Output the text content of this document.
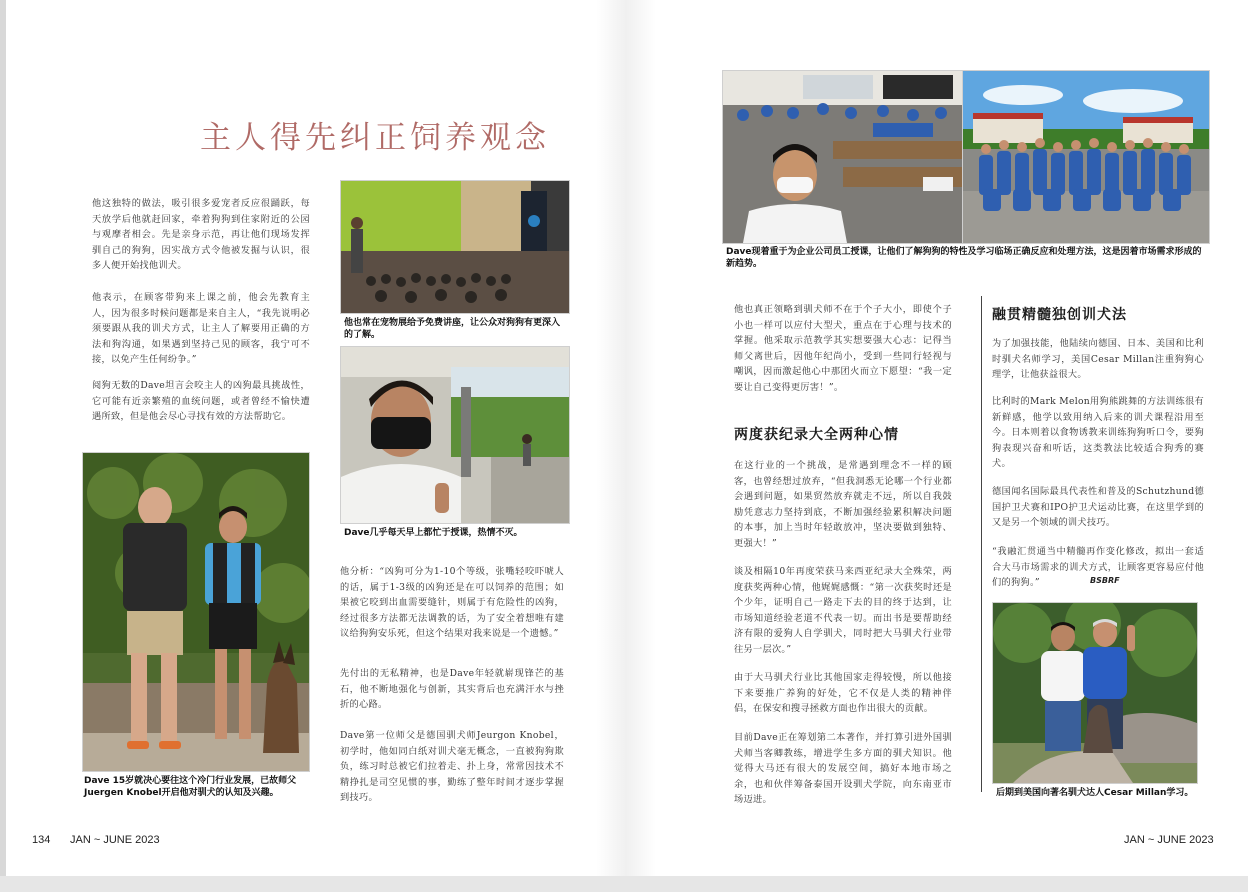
主人得先纠正饲养观念

他这独特的做法，吸引很多爱宠者反应很踊跃，每天放学后他就赶回家，牵着狗狗到住家附近的公园与观摩者相会。先是亲身示范，再让他们现场发挥驯自己的狗狗，因实战方式令他被发掘与认识，很多人便开始找他训犬。

他表示，在顾客带狗来上课之前，他会先教育主人，因为很多时候问题都是来自主人，“我先说明必须要跟从我的训犬方式，让主人了解要用正确的方法和狗沟通，如果遇到坚持己见的顾客，我宁可不接，以免产生任何纷争。”

阅狗无数的Dave坦言会咬主人的凶狗最具挑战性，它可能有近亲繁殖的血统问题，或者曾经不愉快遭遇所致，但是他会尽心寻找有效的方法帮助它。

他也常在宠物展给予免费讲座，让公众对狗狗有更深入的了解。

Dave几乎每天早上都忙于授课，热情不灭。

他分析：“凶狗可分为1-10个等级，张嘴轻咬吓唬人的话，属于1-3级的凶狗还是在可以饲养的范围；如果被它咬到出血需要缝针，则属于有危险性的凶狗，经过很多方法都无法调教的话，为了安全着想唯有建议给狗狗安乐死，但这个结果对我来说是一个遗憾。”

先付出的无私精神，也是Dave年轻就崭现锋芒的基石，他不断地强化与创新，其实背后也充满汗水与挫折的心路。

Dave第一位师父是德国驯犬师Jeurgon Knobel，初学时，他如同白纸对训犬毫无概念，一直被狗狗欺负，练习时总被它们拉着走、扑上身，常常因技术不精挣扎是司空见惯的事，勤练了整年时间才逐步掌握到技巧。

Dave 15岁就决心要往这个冷门行业发展，已故师父Juergen Knobel开启他对驯犬的认知及兴趣。

134 JAN ~ JUNE 2023

Dave现着重于为企业公司员工授课，让他们了解狗狗的特性及学习临场正确反应和处理方法，这是因着市场需求形成的新趋势。

他也真正领略到驯犬师不在于个子大小，即使个子小也一样可以应付大型犬，重点在于心理与技术的掌握。他采取示范教学其实想要强大心志：记得当师父离世后，因他年纪尚小，受到一些同行轻视与嘲讽，因而激起他心中那团火而立下愿望：“我一定要让自己变得更厉害！”。

两度获纪录大全两种心情

在这行业的一个挑战，是常遇到理念不一样的顾客，也曾经想过放弃，“但我洞悉无论哪一个行业都会遇到问题，如果贸然放弃就走不远，所以自我鼓励凭意志力坚持到底，不断加强经验累积解决问题的本事，加上当时年轻敢放冲，坚决要做到独特、更强大！”

谈及相隔10年再度荣获马来西亚纪录大全殊荣，两度获奖两种心情，他娓娓感慨：“第一次获奖时还是个少年，证明自己一路走下去的目的终于达到，让市场知道经验老道不代表一切。而出书是要帮助经济有限的爱狗人自学驯犬，同时把大马驯犬行业带往另一层次。”

由于大马驯犬行业比其他国家走得较慢，所以他接下来要推广养狗的好处，它不仅是人类的精神伴侣，在保安和搜寻拯救方面也作出很大的贡献。

目前Dave正在筹划第二本著作，并打算引进外国驯犬师当客卿教练，增进学生多方面的驯犬知识。他觉得大马还有很大的发展空间，搞好本地市场之余，也和伙伴筹备泰国开设驯犬学院，向东南亚市场迈进。

融贯精髓独创训犬法

为了加强技能，他陆续向德国、日本、美国和比利时驯犬名师学习，美国Cesar Millan注重狗狗心理学，让他获益很大。

比利时的Mark Melon用狗熊跳舞的方法训练很有新鲜感，他学以致用纳入后来的训犬课程沿用至今。日本则着以食物诱教来训练狗狗听口令，要狗狗表现兴奋和听话，这类教法比较适合狗秀的赛犬。

德国闻名国际最具代表性和普及的Schutzhund德国护卫犬赛和IPO护卫犬运动比赛，在这里学到的又是另一个领域的训犬技巧。

“我融汇贯通当中精髓再作变化修改，拟出一套适合大马市场需求的训犬方式，让顾客更容易应付他们的狗狗。”	BSBRF

后期到美国向著名驯犬达人Cesar Millan学习。

JAN ~ JUNE 2023
